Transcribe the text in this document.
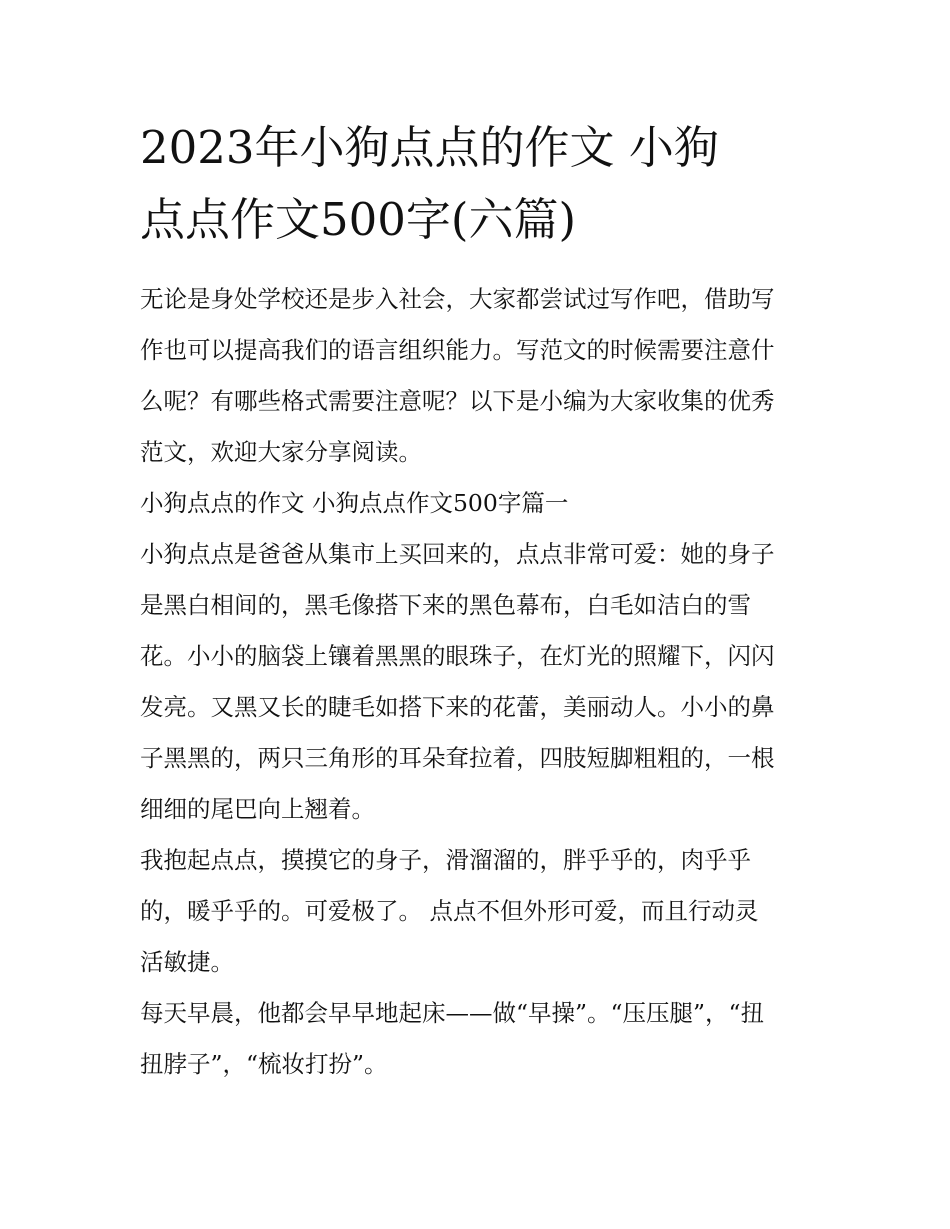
2023年小狗点点的作文 小狗
点点作文500字(六篇)

无论是身处学校还是步入社会，大家都尝试过写作吧，借助写
作也可以提高我们的语言组织能力。写范文的时候需要注意什
么呢？有哪些格式需要注意呢？以下是小编为大家收集的优秀
范文，欢迎大家分享阅读。

小狗点点的作文 小狗点点作文500字篇一

小狗点点是爸爸从集市上买回来的，点点非常可爱：她的身子
是黑白相间的，黑毛像搭下来的黑色幕布，白毛如洁白的雪
花。小小的脑袋上镶着黑黑的眼珠子，在灯光的照耀下，闪闪
发亮。又黑又长的睫毛如搭下来的花蕾，美丽动人。小小的鼻
子黑黑的，两只三角形的耳朵耷拉着，四肢短脚粗粗的，一根
细细的尾巴向上翘着。

我抱起点点，摸摸它的身子，滑溜溜的，胖乎乎的，肉乎乎
的，暖乎乎的。可爱极了。 点点不但外形可爱，而且行动灵
活敏捷。

每天早晨，他都会早早地起床——做“早操”。“压压腿”，“扭
扭脖子”，“梳妆打扮”。
